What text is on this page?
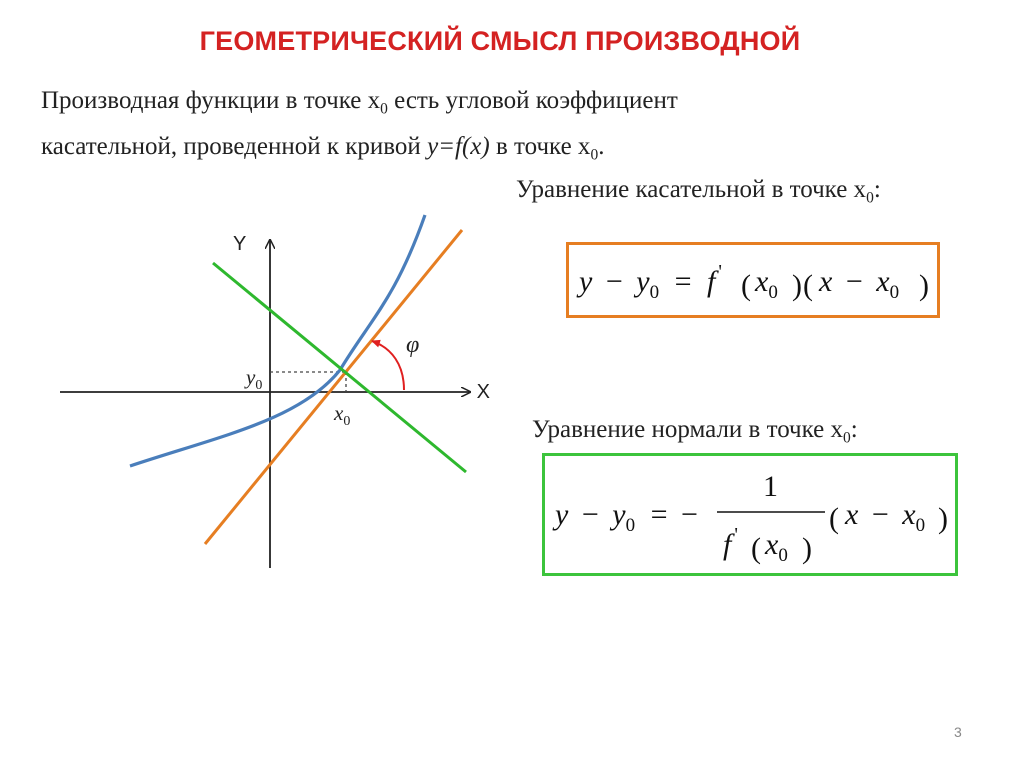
ГЕОМЕТРИЧЕСКИЙ СМЫСЛ ПРОИЗВОДНОЙ
Производная функции в точке $x_0$ есть угловой коэффициент
касательной, проведенной к кривой y=f(x) в точке $x_0$.
Уравнение касательной в точке $x_0$:
$y - y_0 = f$ ' ( $x_0$ ) ( $x - x_0$ )
Уравнение нормали в точке $x_0$:
$y - y_0$ = −
1
f ' ( $x_0$ )
( $x - x_0$ )
X
Y
φ
$y_0$
$x_0$
3
